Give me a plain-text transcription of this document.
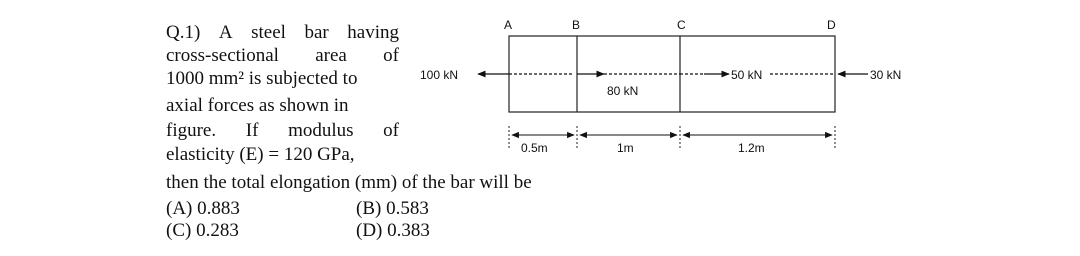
Q.1) A steel bar having
cross-sectional area of
1000 mm² is subjected to
axial forces as shown in
figure. If modulus of
elasticity (E) = 120 GPa,
then the total elongation (mm) of the bar will be
(A) 0.883	(B) 0.583
(C) 0.283	(D) 0.383
A	B	C	D
100 kN
80 kN
50 kN	30 kN
0.5m	1m	1.2m
